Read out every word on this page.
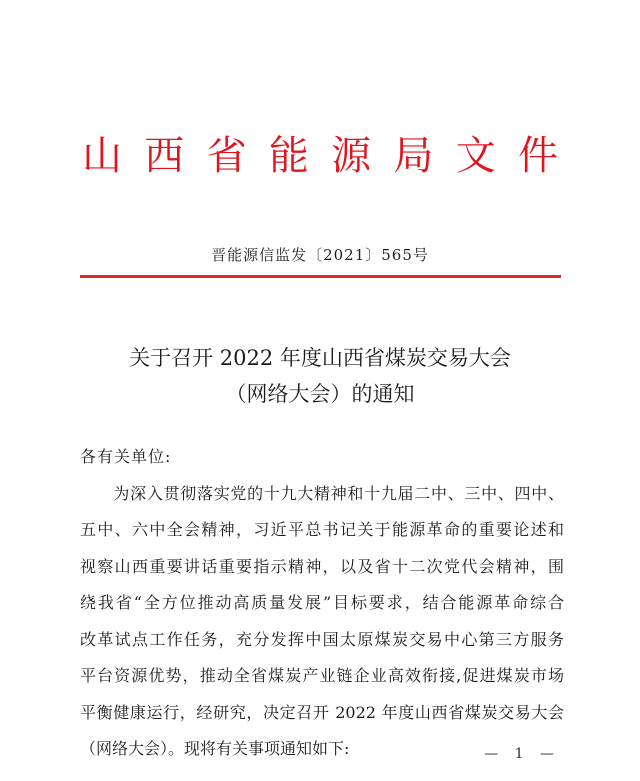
山 西 省 能 源 局 文 件
晋能源信监发〔2021〕565号
关于召开 2022 年度山西省煤炭交易大会
（网络大会）的通知
各有关单位:
　　为深入贯彻落实党的十九大精神和十九届二中、三中、四中、
五中、六中全会精神，习近平总书记关于能源革命的重要论述和
视察山西重要讲话重要指示精神，以及省十二次党代会精神，围
绕我省“全方位推动高质量发展”目标要求，结合能源革命综合
改革试点工作任务，充分发挥中国太原煤炭交易中心第三方服务
平台资源优势，推动全省煤炭产业链企业高效衔接,促进煤炭市场
平衡健康运行，经研究，决定召开 2022 年度山西省煤炭交易大会
（网络大会）。现将有关事项通知如下:	— 1 —
